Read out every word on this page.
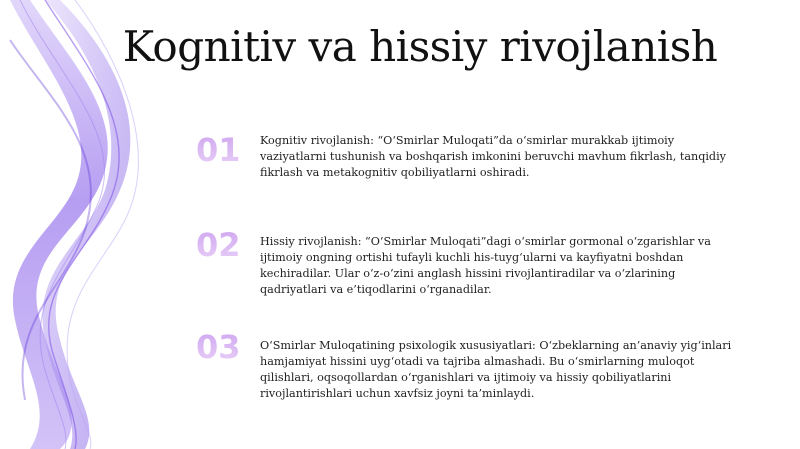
Kognitiv va hissiy rivojlanish
01	Kognitiv rivojlanish: “O‘Smirlar Muloqati”da o‘smirlar murakkab ijtimoiy vaziyatlarni tushunish va boshqarish imkonini beruvchi mavhum fikrlash, tanqidiy fikrlash va metakognitiv qobiliyatlarni oshiradi.
02	Hissiy rivojlanish: “O‘Smirlar Muloqati”dagi o‘smirlar gormonal o‘zgarishlar va ijtimoiy ongning ortishi tufayli kuchli his-tuyg‘ularni va kayfiyatni boshdan kechiradilar. Ular o‘z-o‘zini anglash hissini rivojlantiradilar va o‘zlarining qadriyatlari va e’tiqodlarini o‘rganadilar.
03	O‘Smirlar Muloqatining psixologik xususiyatlari: O‘zbeklarning an’anaviy yig‘inlari hamjamiyat hissini uyg‘otadi va tajriba almashadi. Bu o‘smirlarning muloqot qilishlari, oqsoqollardan o‘rganishlari va ijtimoiy va hissiy qobiliyatlarini rivojlantirishlari uchun xavfsiz joyni ta’minlaydi.
